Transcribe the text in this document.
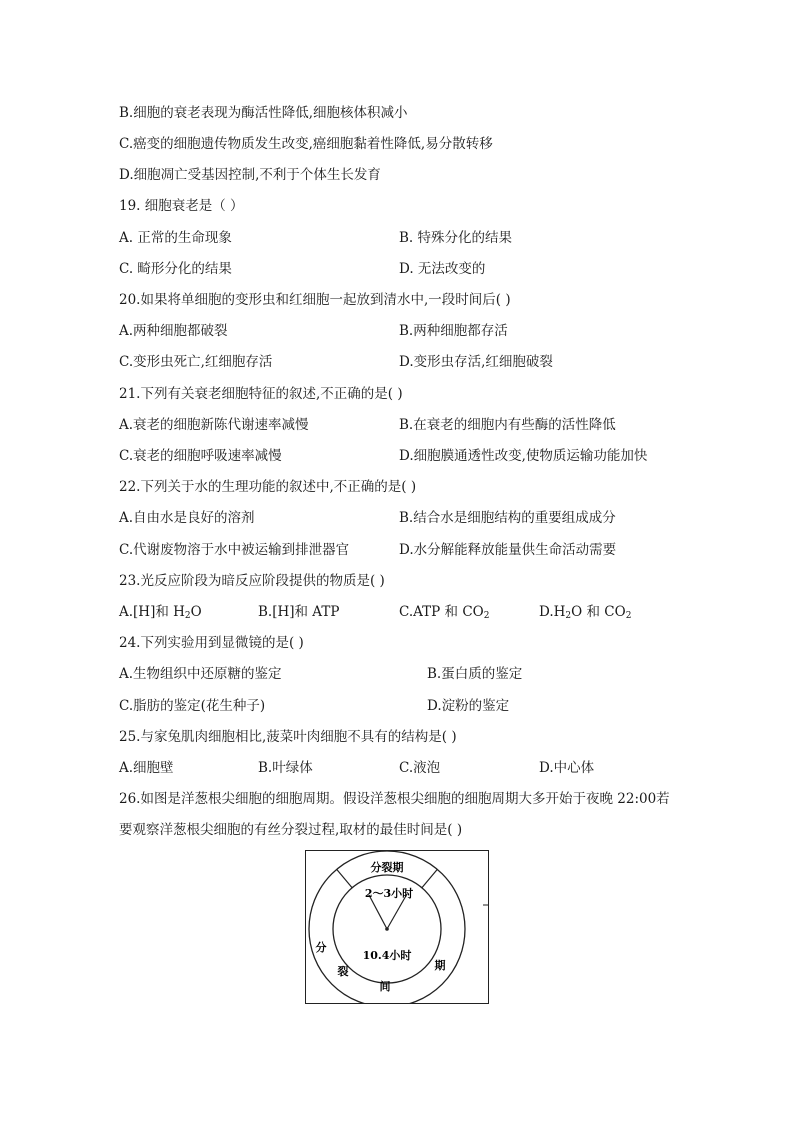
B.细胞的衰老表现为酶活性降低,细胞核体积减小
C.癌变的细胞遗传物质发生改变,癌细胞黏着性降低,易分散转移
D.细胞凋亡受基因控制,不利于个体生长发育
19. 细胞衰老是（ ）
A. 正常的生命现象	B. 特殊分化的结果
C. 畸形分化的结果	D. 无法改变的
20.如果将单细胞的变形虫和红细胞一起放到清水中,一段时间后( )
A.两种细胞都破裂	B.两种细胞都存活
C.变形虫死亡,红细胞存活	D.变形虫存活,红细胞破裂
21.下列有关衰老细胞特征的叙述,不正确的是( )
A.衰老的细胞新陈代谢速率减慢	B.在衰老的细胞内有些酶的活性降低
C.衰老的细胞呼吸速率减慢	D.细胞膜通透性改变,使物质运输功能加快
22.下列关于水的生理功能的叙述中,不正确的是( )
A.自由水是良好的溶剂	B.结合水是细胞结构的重要组成成分
C.代谢废物溶于水中被运输到排泄器官	D.水分解能释放能量供生命活动需要
23.光反应阶段为暗反应阶段提供的物质是( )
A.[H]和 $H_2O$	B.[H]和 ATP	C.ATP 和 $CO_2$	$D.H_2O$ 和 $CO_2$
24.下列实验用到显微镜的是( )
A.生物组织中还原糖的鉴定	B.蛋白质的鉴定
C.脂肪的鉴定(花生种子)	D.淀粉的鉴定
25.与家兔肌肉细胞相比,菠菜叶肉细胞不具有的结构是( )
A.细胞壁	B.叶绿体	C.液泡	D.中心体
26.如图是洋葱根尖细胞的细胞周期。假设洋葱根尖细胞的细胞周期大多开始于夜晚 22:00若
要观察洋葱根尖细胞的有丝分裂过程,取材的最佳时间是( )
分裂期
2～3小时
10.4小时
分
裂
间
期
